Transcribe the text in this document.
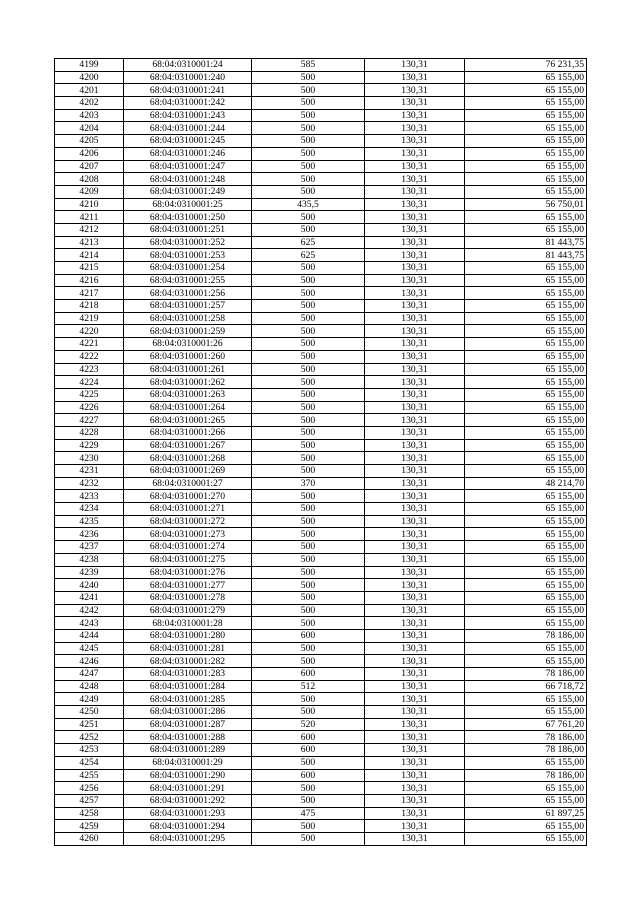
4199	68:04:0310001:24	585	130,31	76 231,35
4200	68:04:0310001:240	500	130,31	65 155,00
4201	68:04:0310001:241	500	130,31	65 155,00
4202	68:04:0310001:242	500	130,31	65 155,00
4203	68:04:0310001:243	500	130,31	65 155,00
4204	68:04:0310001:244	500	130,31	65 155,00
4205	68:04:0310001:245	500	130,31	65 155,00
4206	68:04:0310001:246	500	130,31	65 155,00
4207	68:04:0310001:247	500	130,31	65 155,00
4208	68:04:0310001:248	500	130,31	65 155,00
4209	68:04:0310001:249	500	130,31	65 155,00
4210	68:04:0310001:25	435,5	130,31	56 750,01
4211	68:04:0310001:250	500	130,31	65 155,00
4212	68:04:0310001:251	500	130,31	65 155,00
4213	68:04:0310001:252	625	130,31	81 443,75
4214	68:04:0310001:253	625	130,31	81 443,75
4215	68:04:0310001:254	500	130,31	65 155,00
4216	68:04:0310001:255	500	130,31	65 155,00
4217	68:04:0310001:256	500	130,31	65 155,00
4218	68:04:0310001:257	500	130,31	65 155,00
4219	68:04:0310001:258	500	130,31	65 155,00
4220	68:04:0310001:259	500	130,31	65 155,00
4221	68:04:0310001:26	500	130,31	65 155,00
4222	68:04:0310001:260	500	130,31	65 155,00
4223	68:04:0310001:261	500	130,31	65 155,00
4224	68:04:0310001:262	500	130,31	65 155,00
4225	68:04:0310001:263	500	130,31	65 155,00
4226	68:04:0310001:264	500	130,31	65 155,00
4227	68:04:0310001:265	500	130,31	65 155,00
4228	68:04:0310001:266	500	130,31	65 155,00
4229	68:04:0310001:267	500	130,31	65 155,00
4230	68:04:0310001:268	500	130,31	65 155,00
4231	68:04:0310001:269	500	130,31	65 155,00
4232	68:04:0310001:27	370	130,31	48 214,70
4233	68:04:0310001:270	500	130,31	65 155,00
4234	68:04:0310001:271	500	130,31	65 155,00
4235	68:04:0310001:272	500	130,31	65 155,00
4236	68:04:0310001:273	500	130,31	65 155,00
4237	68:04:0310001:274	500	130,31	65 155,00
4238	68:04:0310001:275	500	130,31	65 155,00
4239	68:04:0310001:276	500	130,31	65 155,00
4240	68:04:0310001:277	500	130,31	65 155,00
4241	68:04:0310001:278	500	130,31	65 155,00
4242	68:04:0310001:279	500	130,31	65 155,00
4243	68:04:0310001:28	500	130,31	65 155,00
4244	68:04:0310001:280	600	130,31	78 186,00
4245	68:04:0310001:281	500	130,31	65 155,00
4246	68:04:0310001:282	500	130,31	65 155,00
4247	68:04:0310001:283	600	130,31	78 186,00
4248	68:04:0310001:284	512	130,31	66 718,72
4249	68:04:0310001:285	500	130,31	65 155,00
4250	68:04:0310001:286	500	130,31	65 155,00
4251	68:04:0310001:287	520	130,31	67 761,20
4252	68:04:0310001:288	600	130,31	78 186,00
4253	68:04:0310001:289	600	130,31	78 186,00
4254	68:04:0310001:29	500	130,31	65 155,00
4255	68:04:0310001:290	600	130,31	78 186,00
4256	68:04:0310001:291	500	130,31	65 155,00
4257	68:04:0310001:292	500	130,31	65 155,00
4258	68:04:0310001:293	475	130,31	61 897,25
4259	68:04:0310001:294	500	130,31	65 155,00
4260	68:04:0310001:295	500	130,31	65 155,00
